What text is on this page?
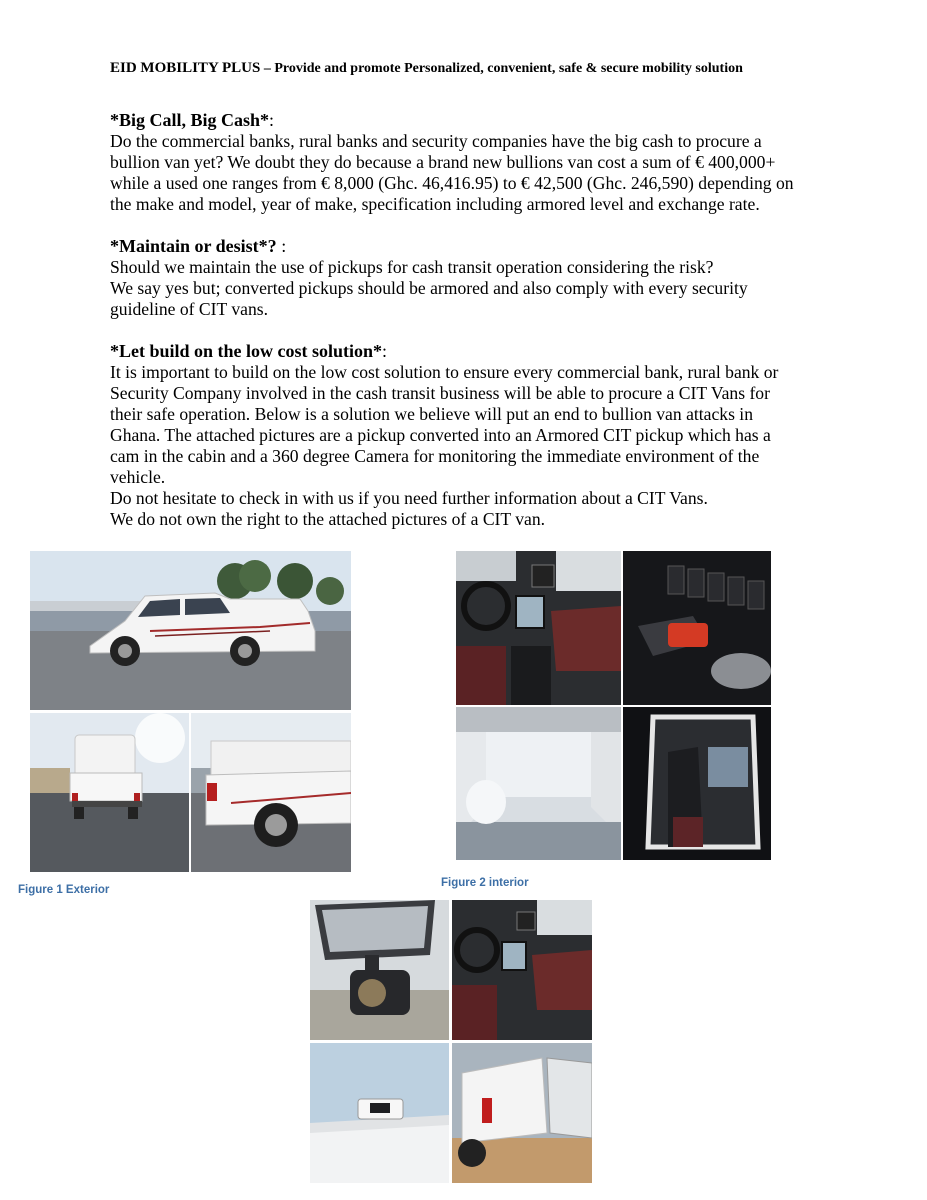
EID MOBILITY PLUS – Provide and promote Personalized, convenient, safe & secure mobility solution
*Big Call, Big Cash*:
Do the commercial banks, rural banks and security companies have the big cash to procure a
bullion van yet? We doubt they do because a brand new bullions van cost a sum of € 400,000+
while a used one ranges from € 8,000 (Ghc. 46,416.95) to € 42,500 (Ghc. 246,590) depending on
the make and model, year of make, specification including armored level and exchange rate.
*Maintain or desist*? :
Should we maintain the use of pickups for cash transit operation considering the risk?
We say yes but; converted pickups should be armored and also comply with every security
guideline of CIT vans.
*Let build on the low cost solution*:
It is important to build on the low cost solution to ensure every commercial bank, rural bank or
Security Company involved in the cash transit business will be able to procure a CIT Vans for
their safe operation. Below is a solution we believe will put an end to bullion van attacks in
Ghana. The attached pictures are a pickup converted into an Armored CIT pickup which has a
cam in the cabin and a 360 degree Camera for monitoring the immediate environment of the
vehicle.
Do not hesitate to check in with us if you need further information about a CIT Vans.
We do not own the right to the attached pictures of a CIT van.
Figure 1 Exterior
Figure 2 interior
